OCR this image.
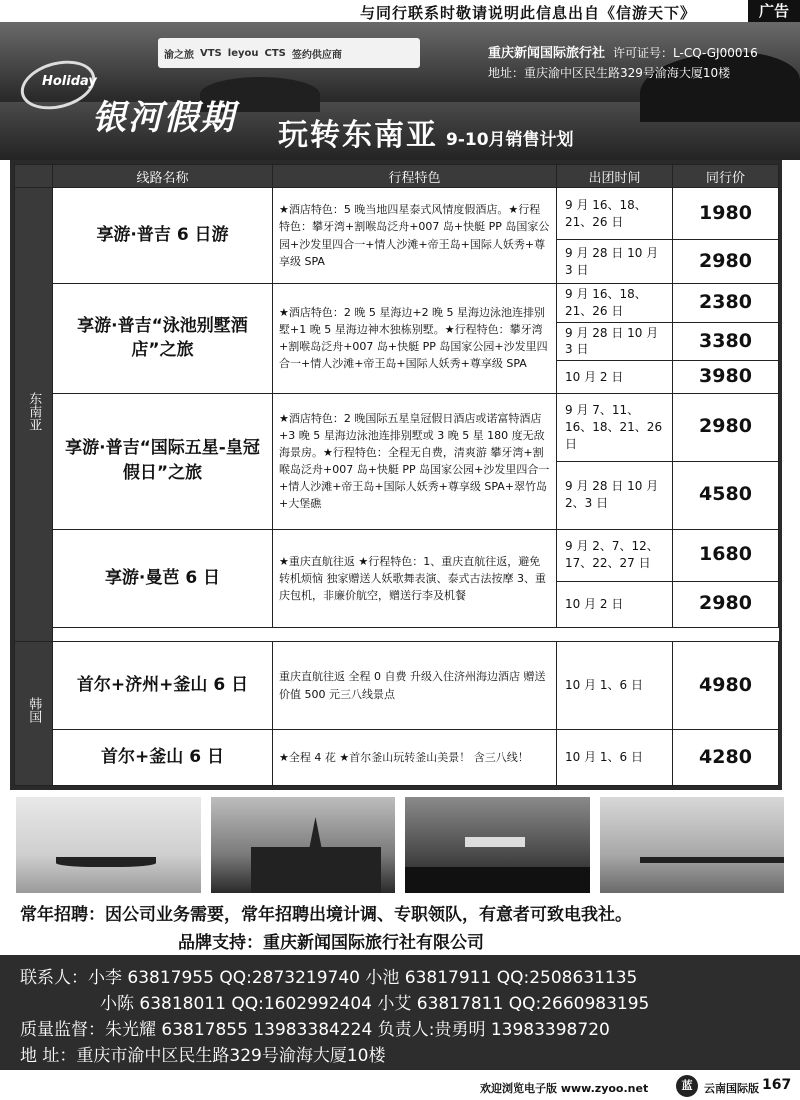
与同行联系时敬请说明此信息出自《信游天下》	广告
渝之旅 VTS leyou CTS 签约供应商	重庆新闻国际旅行社 许可证号：L-CQ-GJ00016
地址：重庆渝中区民生路329号渝海大厦10楼
Holiday
银河假期 玩转东南亚 9-10月销售计划
	线路名称	行程特色	出团时间	同行价
东南亚	享游·普吉 6 日游	★酒店特色：5 晚当地四星泰式风情度假酒店。★行程特色：攀牙湾+割喉岛泛舟+007 岛+快艇 PP 岛国家公园+沙发里四合一+情人沙滩+帝王岛+国际人妖秀+尊享级 SPA	9 月 16、18、21、26 日	1980
			9 月 28 日 10 月 3 日	2980
	享游·普吉“泳池别墅酒店”之旅	★酒店特色：2 晚 5 星海边+2 晚 5 星海边泳池连排别墅+1 晚 5 星海边神木独栋别墅。★行程特色：攀牙湾+割喉岛泛舟+007 岛+快艇 PP 岛国家公园+沙发里四合一+情人沙滩+帝王岛+国际人妖秀+尊享级 SPA	9 月 16、18、21、26 日	2380
			9 月 28 日 10 月 3 日	3380
			10 月 2 日	3980
	享游·普吉“国际五星-皇冠假日”之旅	★酒店特色：2 晚国际五星皇冠假日酒店或诺富特酒店+3 晚 5 星海边泳池连排别墅或 3 晚 5 星 180 度无敌海景房。★行程特色：全程无自费，清爽游 攀牙湾+割喉岛泛舟+007 岛+快艇 PP 岛国家公园+沙发里四合一+情人沙滩+帝王岛+国际人妖秀+尊享级 SPA+翠竹岛+大堡礁	9 月 7、11、16、18、21、26 日	2980
			9 月 28 日 10 月 2、3 日	4580
	享游·曼芭 6 日	★重庆直航往返 ★行程特色：1、重庆直航往返，避免转机烦恼 独家赠送人妖歌舞表演、泰式古法按摩 3、重庆包机，非廉价航空，赠送行李及机餐	9 月 2、7、12、17、22、27 日	1680
			10 月 2 日	2980

韩国	首尔+济州+釜山 6 日	重庆直航往返 全程 0 自费 升级入住济州海边酒店 赠送价值 500 元三八线景点	10 月 1、6 日	4980
	首尔+釜山 6 日	★全程 4 花 ★首尔釜山玩转釜山美景！ 含三八线！	10 月 1、6 日	4280
常年招聘：因公司业务需要，常年招聘出境计调、专职领队，有意者可致电我社。
品牌支持：重庆新闻国际旅行社有限公司
联系人：小李 63817955 QQ:2873219740 小池 63817911 QQ:2508631135
小陈 63818011 QQ:1602992404 小艾 63817811 QQ:2660983195
质量监督：朱光耀 63817855 13983384224 负责人:贵勇明 13983398720
地 址：重庆市渝中区民生路329号渝海大厦10楼
欢迎浏览电子版 www.zyoo.net	蓝	云南国际版 167
